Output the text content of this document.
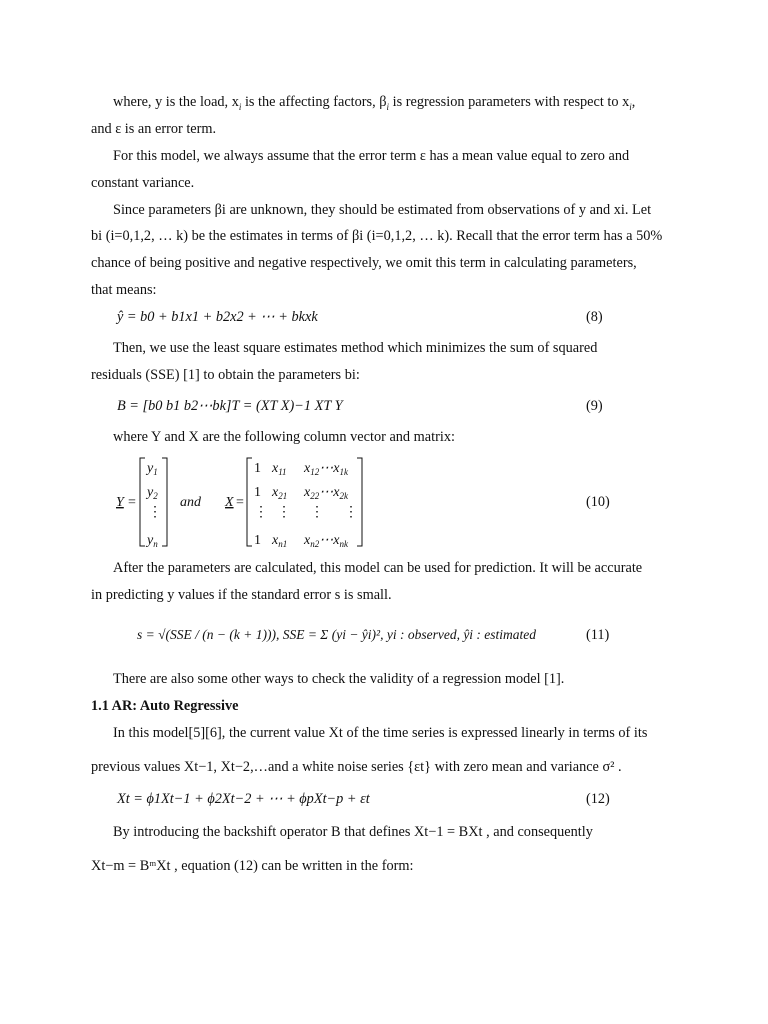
where, y is the load, $x_i$ is the affecting factors, $\beta_i$ is regression parameters with respect to $x_i$,
and ε is an error term.
For this model, we always assume that the error term ε has a mean value equal to zero and
constant variance.
Since parameters βi are unknown, they should be estimated from observations of y and xi. Let
bi (i=0,1,2, … k) be the estimates in terms of βi (i=0,1,2, … k). Recall that the error term has a 50%
chance of being positive and negative respectively, we omit this term in calculating parameters,
that means:
ŷ = b0 + b1x1 + b2x2 + ⋯ + bkxk	(8)
Then, we use the least square estimates method which minimizes the sum of squared
residuals (SSE) [1] to obtain the parameters bi:
B = [b0 b1 b2⋯bk]T = (XT X)−1 XT Y	(9)
where Y and X are the following column vector and matrix:
Y =
$y_1$
$y_2$
⋮
$y_n$
and X =
1 $x_{11}$ $x_{12}\cdots x_{1k}$
1 $x_{21}$ $x_{22}\cdots x_{2k}$
⋮ ⋮ ⋮ ⋮
1 $x_{n1}$ $x_{n2}\cdots x_{nk}$
(10)
After the parameters are calculated, this model can be used for prediction. It will be accurate
in predicting y values if the standard error s is small.
s = √(SSE / (n − (k + 1))), SSE = Σ (yi − ŷi)², yi : observed, ŷi : estimated	(11)
There are also some other ways to check the validity of a regression model [1].
1.1 AR: Auto Regressive
In this model[5][6], the current value Xt of the time series is expressed linearly in terms of its
previous values Xt−1, Xt−2,…and a white noise series {εt} with zero mean and variance σ² .
Xt = ϕ1Xt−1 + ϕ2Xt−2 + ⋯ + ϕpXt−p + εt	(12)
By introducing the backshift operator B that defines Xt−1 = BXt , and consequently
Xt−m = BᵐXt , equation (12) can be written in the form:
